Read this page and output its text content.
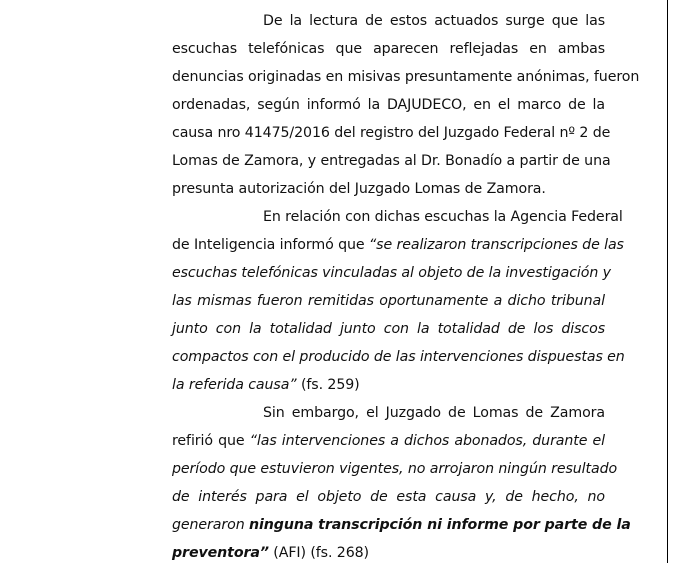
De la lectura de estos actuados surge que las
escuchas telefónicas que aparecen reflejadas en ambas
denuncias originadas en misivas presuntamente anónimas, fueron
ordenadas, según informó la DAJUDECO, en el marco de la
causa nro 41475/2016 del registro del Juzgado Federal nº 2 de
Lomas de Zamora, y entregadas al Dr. Bonadío a partir de una
presunta autorización del Juzgado Lomas de Zamora.
En relación con dichas escuchas la Agencia Federal
de Inteligencia informó que “se realizaron transcripciones de las
escuchas telefónicas vinculadas al objeto de la investigación y
las mismas fueron remitidas oportunamente a dicho tribunal
junto con la totalidad junto con la totalidad de los discos
compactos con el producido de las intervenciones dispuestas en
la referida causa” (fs. 259)
Sin embargo, el Juzgado de Lomas de Zamora
refirió que “las intervenciones a dichos abonados, durante el
período que estuvieron vigentes, no arrojaron ningún resultado
de interés para el objeto de esta causa y, de hecho, no
generaron ninguna transcripción ni informe por parte de la
preventora” (AFI) (fs. 268)
